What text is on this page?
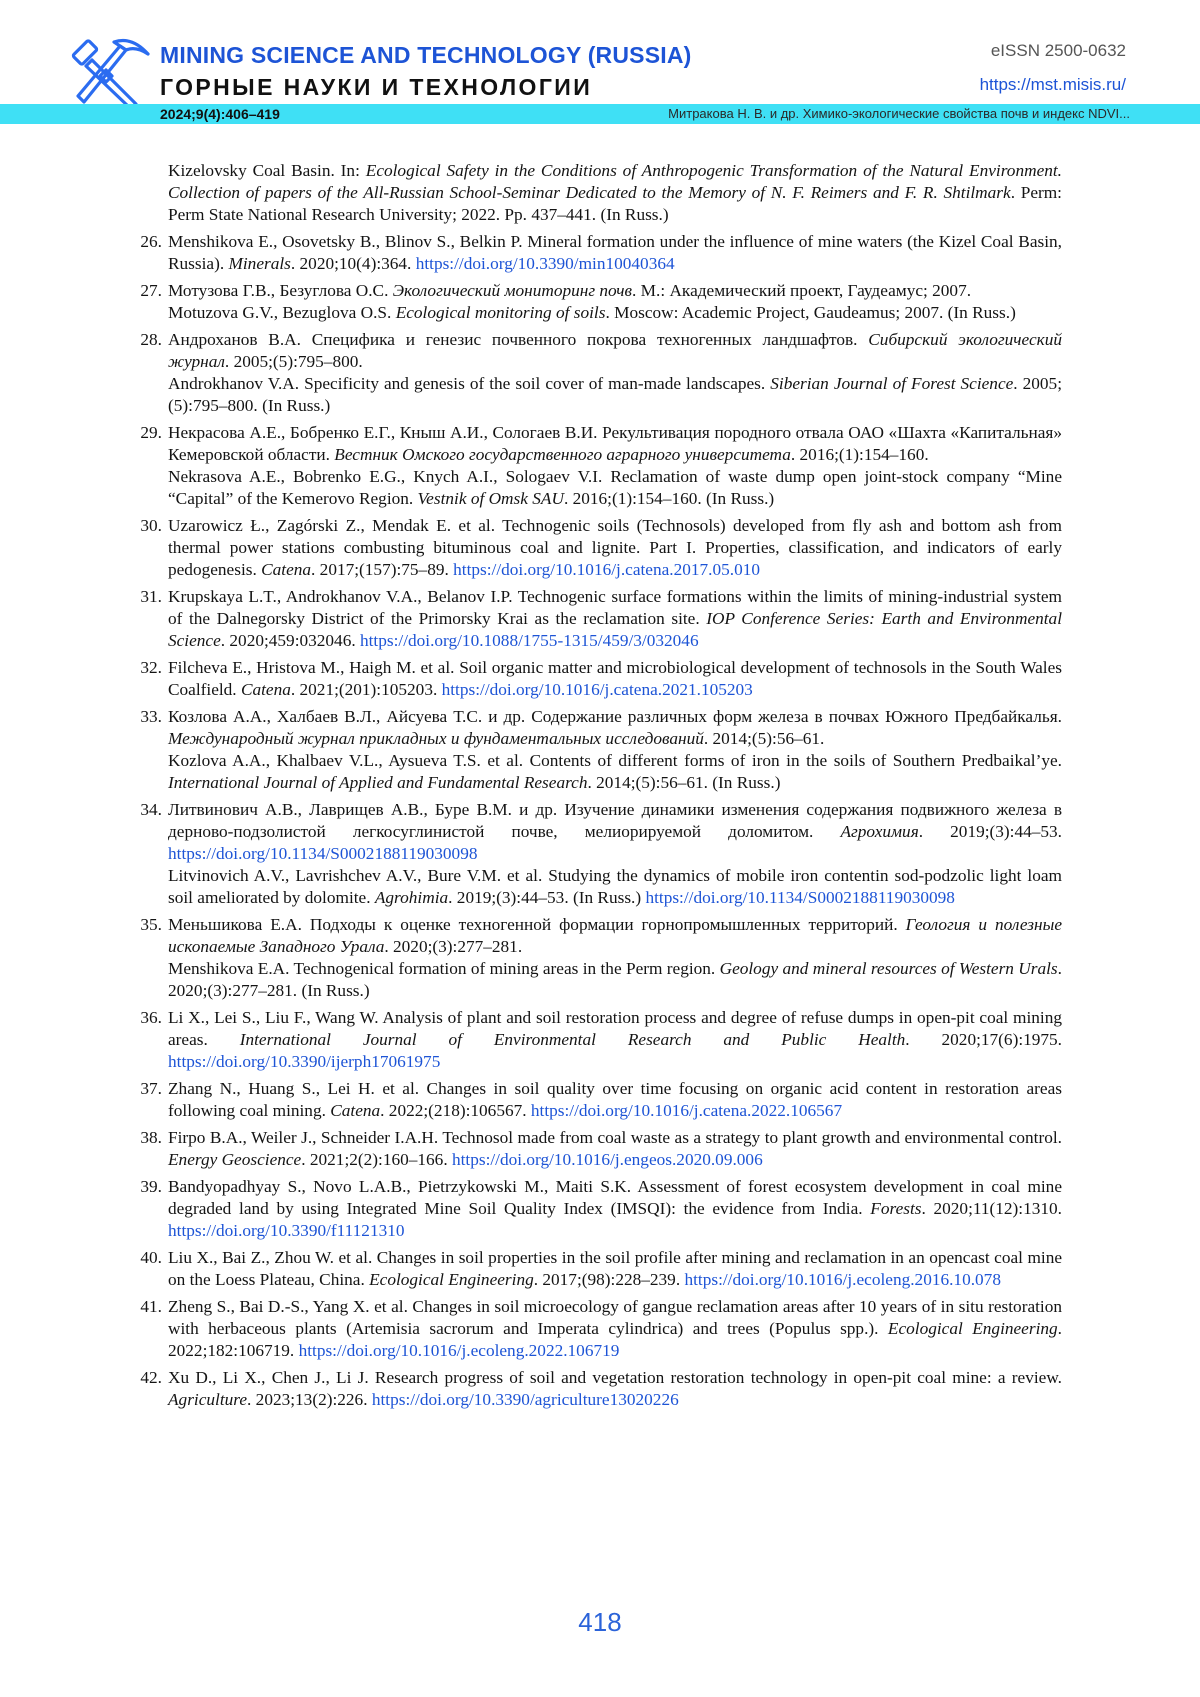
MINING SCIENCE AND TECHNOLOGY (RUSSIA)
ГОРНЫЕ НАУКИ И ТЕХНОЛОГИИ
eISSN 2500-0632
https://mst.misis.ru/
2024;9(4):406–419	Митракова Н. В. и др. Химико-экологические свойства почв и индекс NDVI...
Kizelovsky Coal Basin. In: Ecological Safety in the Conditions of Anthropogenic Transformation of the Natural Environment. Collection of papers of the All-Russian School-Seminar Dedicated to the Memory of N. F. Reimers and F. R. Shtilmark. Perm: Perm State National Research University; 2022. Pp. 437–441. (In Russ.)
26. Menshikova E., Osovetsky B., Blinov S., Belkin P. Mineral formation under the influence of mine waters (the Kizel Coal Basin, Russia). Minerals. 2020;10(4):364. https://doi.org/10.3390/min10040364
27. Мотузова Г.В., Безуглова О.С. Экологический мониторинг почв. М.: Академический проект, Гаудеамус; 2007.
Motuzova G.V., Bezuglova O.S. Ecological monitoring of soils. Moscow: Academic Project, Gaudeamus; 2007. (In Russ.)
28. Андроханов В.А. Специфика и генезис почвенного покрова техногенных ландшафтов. Сибирский экологический журнал. 2005;(5):795–800.
Androkhanov V.A. Specificity and genesis of the soil cover of man-made landscapes. Siberian Journal of Forest Science. 2005;(5):795–800. (In Russ.)
29. Некрасова А.Е., Бобренко Е.Г., Кныш А.И., Сологаев В.И. Рекультивация породного отвала ОАО «Шахта «Капитальная» Кемеровской области. Вестник Омского государственного аграрного университета. 2016;(1):154–160.
Nekrasova A.E., Bobrenko E.G., Knych A.I., Sologaev V.I. Reclamation of waste dump open joint-stock company “Mine “Capital” of the Kemerovo Region. Vestnik of Omsk SAU. 2016;(1):154–160. (In Russ.)
30. Uzarowicz Ł., Zagórski Z., Mendak E. et al. Technogenic soils (Technosols) developed from fly ash and bottom ash from thermal power stations combusting bituminous coal and lignite. Part I. Properties, classification, and indicators of early pedogenesis. Catena. 2017;(157):75–89. https://doi.org/10.1016/j.catena.2017.05.010
31. Krupskaya L.T., Androkhanov V.A., Belanov I.P. Technogenic surface formations within the limits of mining-industrial system of the Dalnegorsky District of the Primorsky Krai as the reclamation site. IOP Conference Series: Earth and Environmental Science. 2020;459:032046. https://doi.org/10.1088/1755-1315/459/3/032046
32. Filcheva E., Hristova M., Haigh M. et al. Soil organic matter and microbiological development of technosols in the South Wales Coalfield. Catena. 2021;(201):105203. https://doi.org/10.1016/j.catena.2021.105203
33. Козлова А.А., Халбаев В.Л., Айсуева Т.С. и др. Содержание различных форм железа в почвах Южного Предбайкалья. Международный журнал прикладных и фундаментальных исследований. 2014;(5):56–61.
Kozlova A.A., Khalbaev V.L., Aysueva T.S. et al. Contents of different forms of iron in the soils of Southern Predbaikal’ye. International Journal of Applied and Fundamental Research. 2014;(5):56–61. (In Russ.)
34. Литвинович А.В., Лаврищев А.В., Буре В.М. и др. Изучение динамики изменения содержания подвижного железа в дерново-подзолистой легкосуглинистой почве, мелиорируемой доломитом. Агрохимия. 2019;(3):44–53. https://doi.org/10.1134/S0002188119030098
Litvinovich A.V., Lavrishchev A.V., Bure V.M. et al. Studying the dynamics of mobile iron contentin sod-podzolic light loam soil ameliorated by dolomite. Agrohimia. 2019;(3):44–53. (In Russ.) https://doi.org/10.1134/S0002188119030098
35. Меньшикова Е.А. Подходы к оценке техногенной формации горнопромышленных территорий. Геология и полезные ископаемые Западного Урала. 2020;(3):277–281.
Menshikova E.A. Technogenical formation of mining areas in the Perm region. Geology and mineral resources of Western Urals. 2020;(3):277–281. (In Russ.)
36. Li X., Lei S., Liu F., Wang W. Analysis of plant and soil restoration process and degree of refuse dumps in open-pit coal mining areas. International Journal of Environmental Research and Public Health. 2020;17(6):1975. https://doi.org/10.3390/ijerph17061975
37. Zhang N., Huang S., Lei H. et al. Changes in soil quality over time focusing on organic acid content in restoration areas following coal mining. Catena. 2022;(218):106567. https://doi.org/10.1016/j.catena.2022.106567
38. Firpo B.A., Weiler J., Schneider I.A.H. Technosol made from coal waste as a strategy to plant growth and environmental control. Energy Geoscience. 2021;2(2):160–166. https://doi.org/10.1016/j.engeos.2020.09.006
39. Bandyopadhyay S., Novo L.A.B., Pietrzykowski M., Maiti S.K. Assessment of forest ecosystem development in coal mine degraded land by using Integrated Mine Soil Quality Index (IMSQI): the evidence from India. Forests. 2020;11(12):1310. https://doi.org/10.3390/f11121310
40. Liu X., Bai Z., Zhou W. et al. Changes in soil properties in the soil profile after mining and reclamation in an opencast coal mine on the Loess Plateau, China. Ecological Engineering. 2017;(98):228–239. https://doi.org/10.1016/j.ecoleng.2016.10.078
41. Zheng S., Bai D.-S., Yang X. et al. Changes in soil microecology of gangue reclamation areas after 10 years of in situ restoration with herbaceous plants (Artemisia sacrorum and Imperata cylindrica) and trees (Populus spp.). Ecological Engineering. 2022;182:106719. https://doi.org/10.1016/j.ecoleng.2022.106719
42. Xu D., Li X., Chen J., Li J. Research progress of soil and vegetation restoration technology in open-pit coal mine: a review. Agriculture. 2023;13(2):226. https://doi.org/10.3390/agriculture13020226
418
